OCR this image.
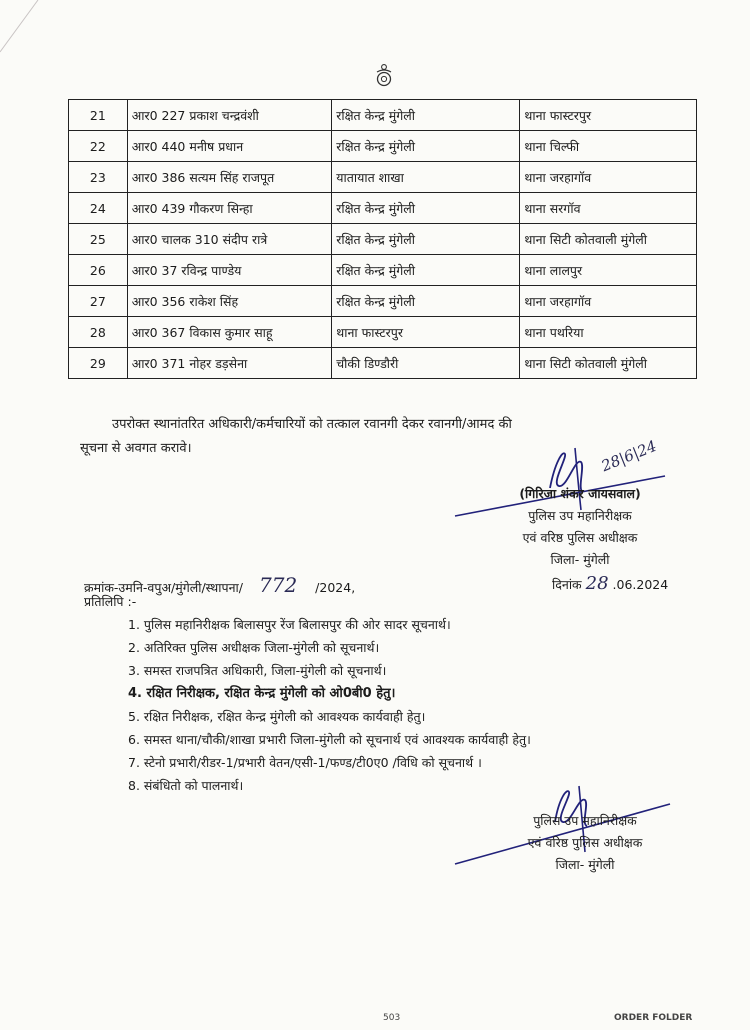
21	आर0 227 प्रकाश चन्द्रवंशी	रक्षित केन्द्र मुंगेली	थाना फास्टरपुर
22	आर0 440 मनीष प्रधान	रक्षित केन्द्र मुंगेली	थाना चिल्फी
23	आर0 386 सत्यम सिंह राजपूत	यातायात शाखा	थाना जरहागॉव
24	आर0 439 गौकरण सिन्हा	रक्षित केन्द्र मुंगेली	थाना सरगॉव
25	आर0 चालक 310 संदीप रात्रे	रक्षित केन्द्र मुंगेली	थाना सिटी कोतवाली मुंगेली
26	आर0 37 रविन्द्र पाण्डेय	रक्षित केन्द्र मुंगेली	थाना लालपुर
27	आर0 356 राकेश सिंह	रक्षित केन्द्र मुंगेली	थाना जरहागॉव
28	आर0 367 विकास कुमार साहू	थाना फास्टरपुर	थाना पथरिया
29	आर0 371 नोहर डड़सेना	चौकी डिण्डौरी	थाना सिटी कोतवाली मुंगेली
उपरोक्त स्थानांतरित अधिकारी/कर्मचारियों को तत्काल रवानगी देकर रवानगी/आमद की
सूचना से अवगत करावे।	28|6|24
(गिरिजा शंकर जायसवाल)
पुलिस उप महानिरीक्षक
एवं वरिष्ठ पुलिस अधीक्षक
जिला- मुंगेली
क्रमांक-उमनि-वपुअ/मुंगेली/स्थापना/ 772 /2024,	दिनांक 28 .06.2024
प्रतिलिपि :-
1. पुलिस महानिरीक्षक बिलासपुर रेंज बिलासपुर की ओर सादर सूचनार्थ।
2. अतिरिक्त पुलिस अधीक्षक जिला-मुंगेली को सूचनार्थ।
3. समस्त राजपत्रित अधिकारी, जिला-मुंगेली को सूचनार्थ।
4. रक्षित निरीक्षक, रक्षित केन्द्र मुंगेली को ओ0बी0 हेतु।
5. रक्षित निरीक्षक, रक्षित केन्द्र मुंगेली को आवश्यक कार्यवाही हेतु।
6. समस्त थाना/चौकी/शाखा प्रभारी जिला-मुंगेली को सूचनार्थ एवं आवश्यक कार्यवाही हेतु।
7. स्टेनो प्रभारी/रीडर-1/प्रभारी वेतन/एसी-1/फण्ड/टी0ए0 /विधि को सूचनार्थ ।
8. संबंधितो को पालनार्थ।
पुलिस उप महानिरीक्षक
एवं वरिष्ठ पुलिस अधीक्षक
जिला- मुंगेली
503	ORDER FOLDER
